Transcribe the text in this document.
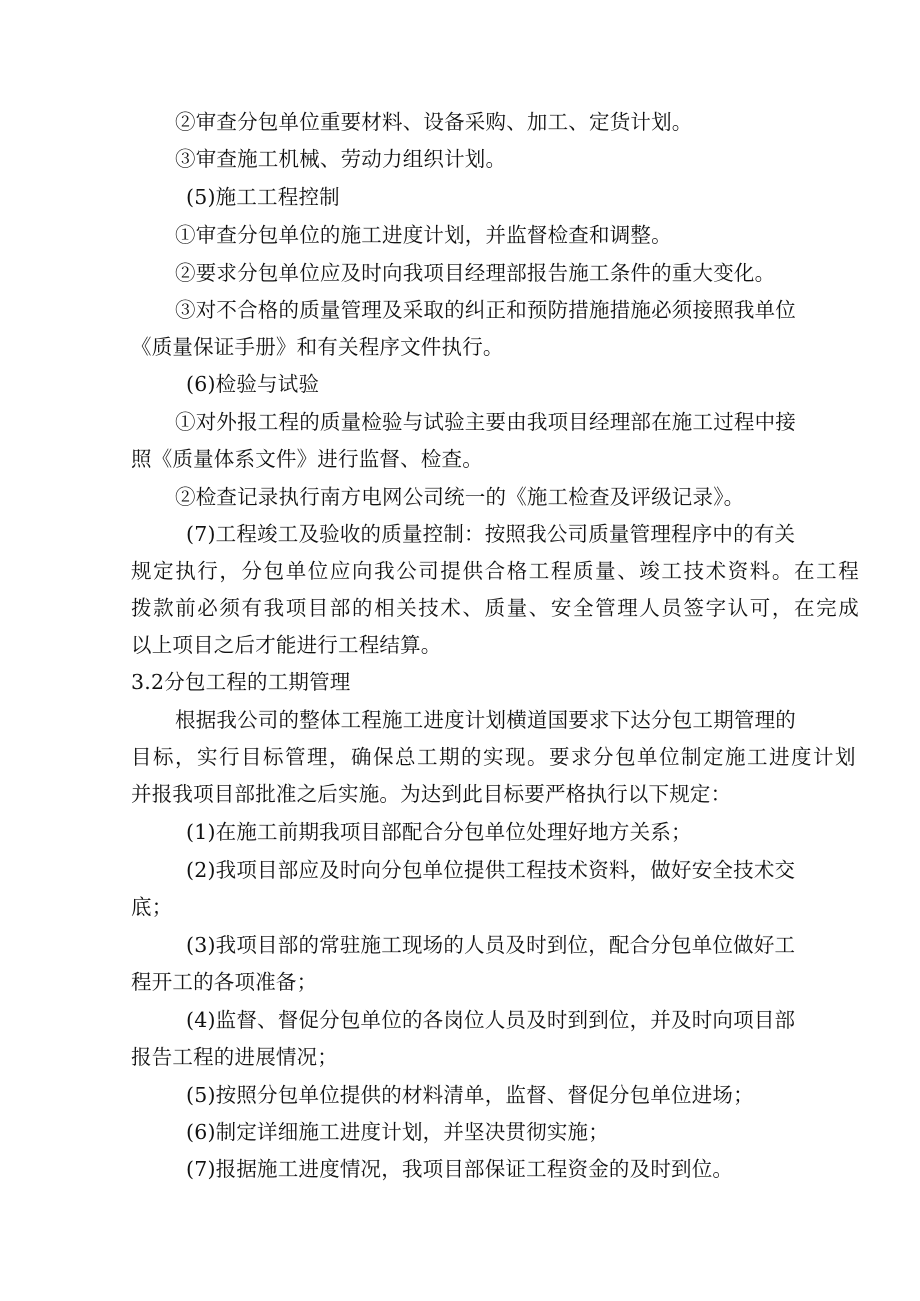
②审查分包单位重要材料、设备采购、加工、定货计划。
③审查施工机械、劳动力组织计划。
(5)施工工程控制
①审查分包单位的施工进度计划，并监督检查和调整。
②要求分包单位应及时向我项目经理部报告施工条件的重大变化。
③对不合格的质量管理及采取的纠正和预防措施措施必须接照我单位
《质量保证手册》和有关程序文件执行。
(6)检验与试验
①对外报工程的质量检验与试验主要由我项目经理部在施工过程中接
照《质量体系文件》进行监督、检查。
②检查记录执行南方电网公司统一的《施工检查及评级记录》。
(7)工程竣工及验收的质量控制：按照我公司质量管理程序中的有关
规定执行，分包单位应向我公司提供合格工程质量、竣工技术资料。在工程
拨款前必须有我项目部的相关技术、质量、安全管理人员签字认可，在完成
以上项目之后才能进行工程结算。
3.2分包工程的工期管理
根据我公司的整体工程施工进度计划横道国要求下达分包工期管理的
目标，实行目标管理，确保总工期的实现。要求分包单位制定施工进度计划
并报我项目部批准之后实施。为达到此目标要严格执行以下规定：
(1)在施工前期我项目部配合分包单位处理好地方关系；
(2)我项目部应及时向分包单位提供工程技术资料，做好安全技术交
底；
(3)我项目部的常驻施工现场的人员及时到位，配合分包单位做好工
程开工的各项准备；
(4)监督、督促分包单位的各岗位人员及时到到位，并及时向项目部
报告工程的进展情况；
(5)按照分包单位提供的材料清单，监督、督促分包单位进场；
(6)制定详细施工进度计划，并坚决贯彻实施；
(7)报据施工进度情况，我项目部保证工程资金的及时到位。
